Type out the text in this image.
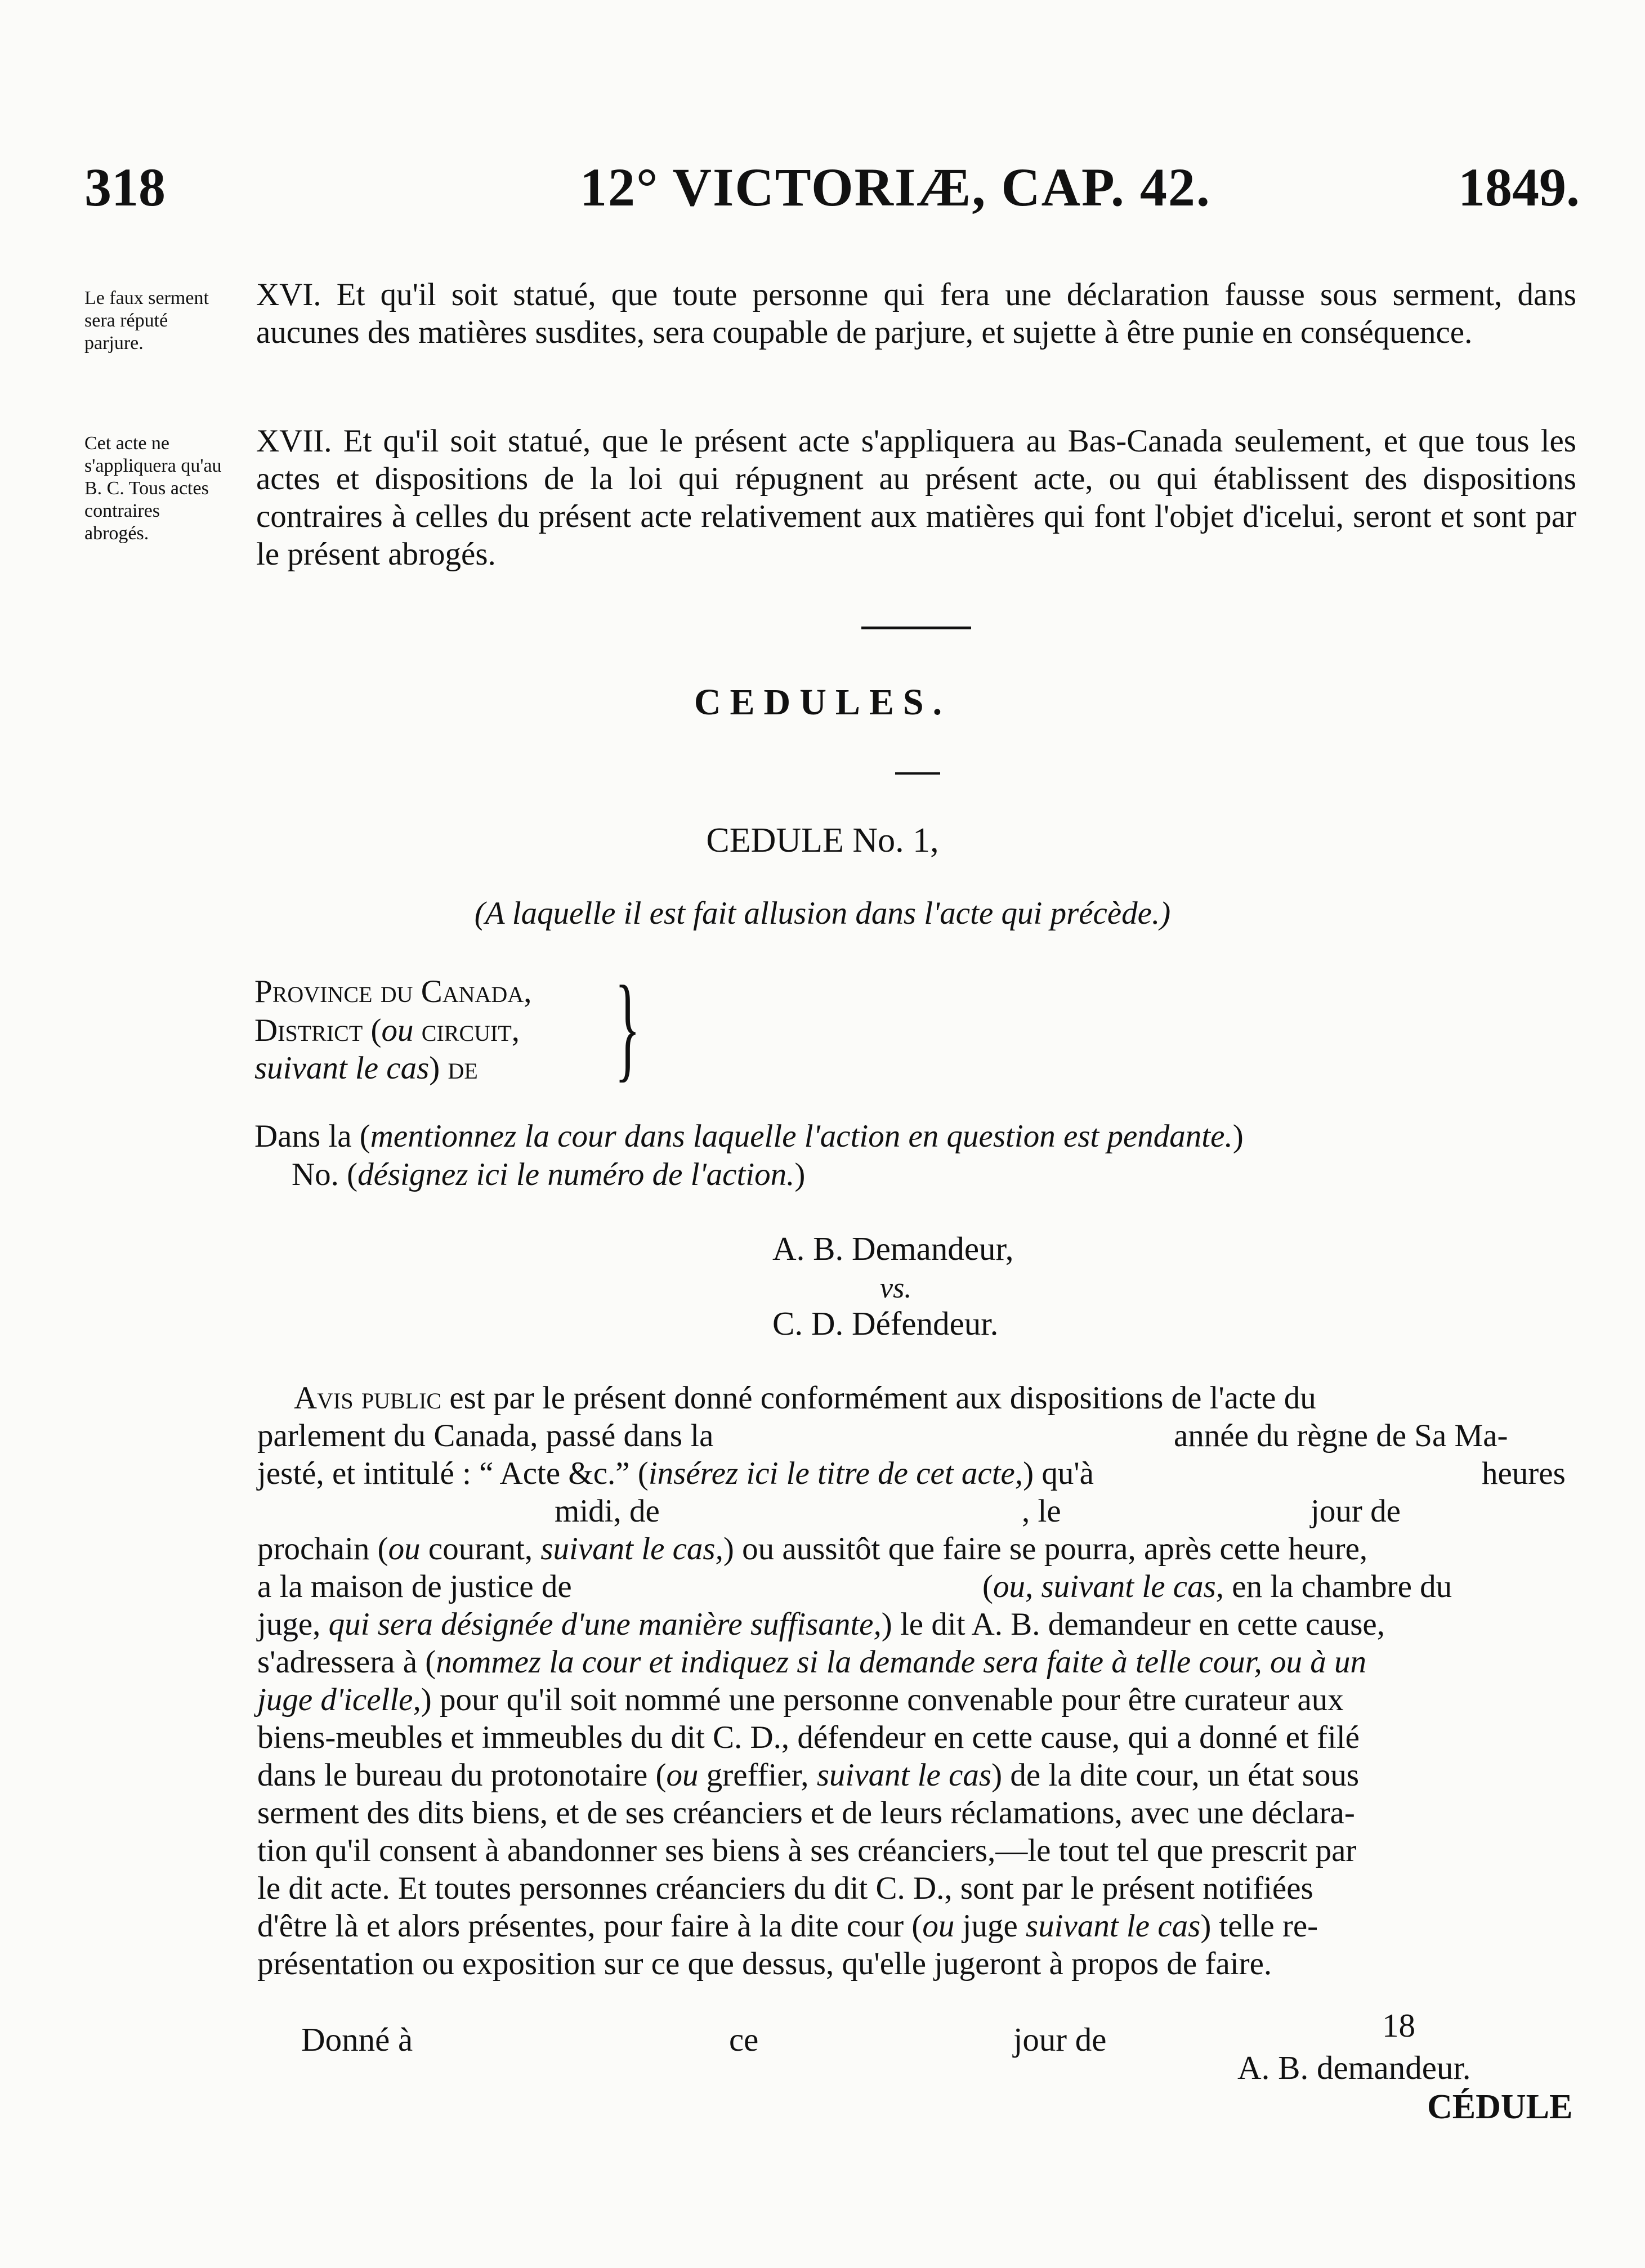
318	12° VICTORIÆ, CAP. 42.	1849.
Le faux serment sera réputé parjure.
XVI. Et qu'il soit statué, que toute personne qui fera une déclaration fausse sous serment, dans aucunes des matières susdites, sera coupable de parjure, et sujette à être punie en conséquence.
Cet acte ne s'appliquera qu'au B. C. Tous actes contraires abrogés.
XVII. Et qu'il soit statué, que le présent acte s'appliquera au Bas-Canada seulement, et que tous les actes et dispositions de la loi qui répugnent au présent acte, ou qui établissent des dispositions contraires à celles du présent acte relativement aux matières qui font l'objet d'icelui, seront et sont par le présent abrogés.
CEDULES.
CEDULE No. 1,
(A laquelle il est fait allusion dans l'acte qui précède.)
Province du Canada,
District (ou circuit,
suivant le cas) de }
Dans la (mentionnez la cour dans laquelle l'action en question est pendante.)
No. (désignez ici le numéro de l'action.)
A. B. Demandeur,
vs.
C. D. Défendeur.
Avis public est par le présent donné conformément aux dispositions de l'acte du
parlement du Canada, passé dans la	année du règne de Sa Ma-
jesté, et intitulé : “ Acte &c.” (insérez ici le titre de cet acte,) qu'à	heures
midi, de	, le	jour de
prochain (ou courant, suivant le cas,) ou aussitôt que faire se pourra, après cette heure,
a la maison de justice de	(ou, suivant le cas, en la chambre du
juge, qui sera désignée d'une manière suffisante,) le dit A. B. demandeur en cette cause,
s'adressera à (nommez la cour et indiquez si la demande sera faite à telle cour, ou à un
juge d'icelle,) pour qu'il soit nommé une personne convenable pour être curateur aux
biens-meubles et immeubles du dit C. D., défendeur en cette cause, qui a donné et filé
dans le bureau du protonotaire (ou greffier, suivant le cas) de la dite cour, un état sous
serment des dits biens, et de ses créanciers et de leurs réclamations, avec une déclara-
tion qu'il consent à abandonner ses biens à ses créanciers,—le tout tel que prescrit par
le dit acte. Et toutes personnes créanciers du dit C. D., sont par le présent notifiées
d'être là et alors présentes, pour faire à la dite cour (ou juge suivant le cas) telle re-
présentation ou exposition sur ce que dessus, qu'elle jugeront à propos de faire.
Donné à	ce	jour de	18
A. B. demandeur.
CÉDULE
